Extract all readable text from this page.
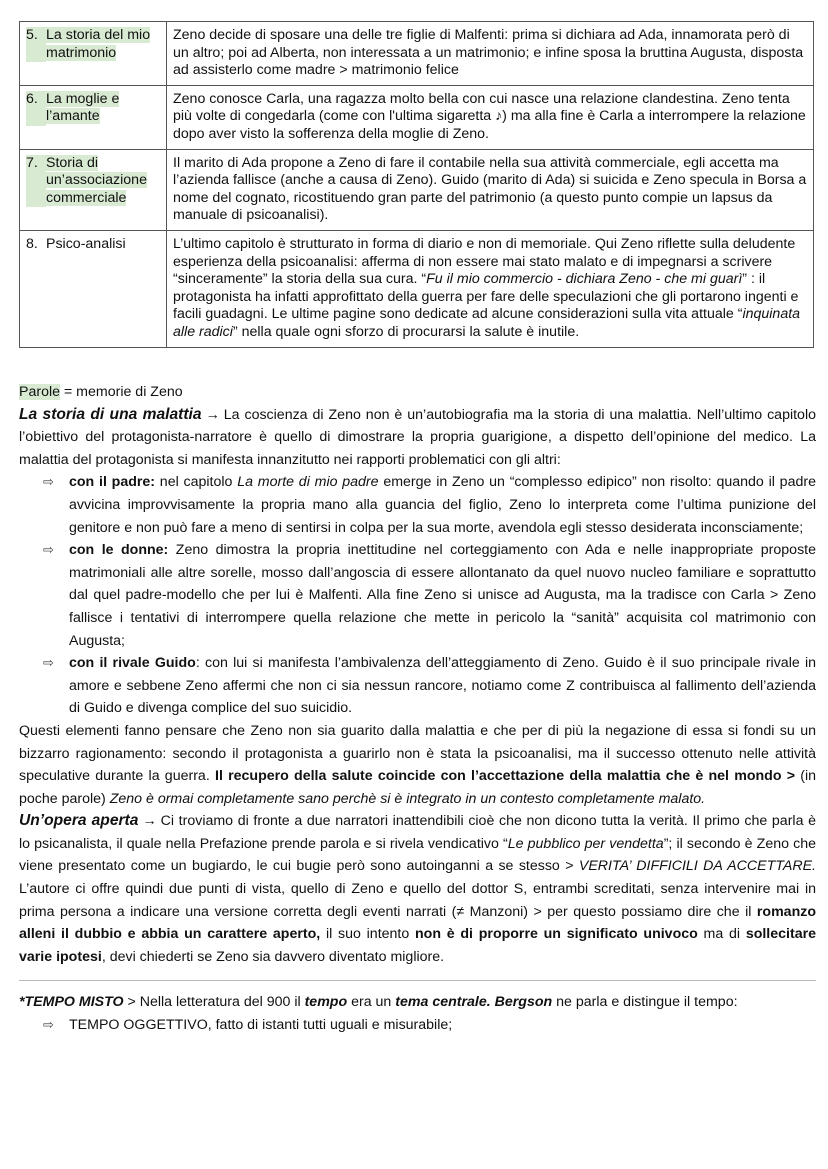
5. La storia del mio matrimonio	Zeno decide di sposare una delle tre figlie di Malfenti: prima si dichiara ad Ada, innamorata però di un altro; poi ad Alberta, non interessata a un matrimonio; e infine sposa la bruttina Augusta, disposta ad assisterlo come madre > matrimonio felice

6. La moglie e l’amante	Zeno conosce Carla, una ragazza molto bella con cui nasce una relazione clandestina. Zeno tenta più volte di congedarla (come con l'ultima sigaretta ♪) ma alla fine è Carla a interrompere la relazione dopo aver visto la sofferenza della moglie di Zeno.

7. Storia di un’associazione commerciale	Il marito di Ada propone a Zeno di fare il contabile nella sua attività commerciale, egli accetta ma l’azienda fallisce (anche a causa di Zeno). Guido (marito di Ada) si suicida e Zeno specula in Borsa a nome del cognato, ricostituendo gran parte del patrimonio (a questo punto compie un lapsus da manuale di psicoanalisi).

8. Psico-analisi	L’ultimo capitolo è strutturato in forma di diario e non di memoriale. Qui Zeno riflette sulla deludente esperienza della psicoanalisi: afferma di non essere mai stato malato e di impegnarsi a scrivere “sinceramente” la storia della sua cura. “Fu il mio commercio - dichiara Zeno - che mi guarì” : il protagonista ha infatti approfittato della guerra per fare delle speculazioni che gli portarono ingenti e facili guadagni. Le ultime pagine sono dedicate ad alcune considerazioni sulla vita attuale “inquinata alle radici” nella quale ogni sforzo di procurarsi la salute è inutile.

Parole = memorie di Zeno

La storia di una malattia → La coscienza di Zeno non è un’autobiografia ma la storia di una malattia. Nell’ultimo capitolo l’obiettivo del protagonista-narratore è quello di dimostrare la propria guarigione, a dispetto dell’opinione del medico. La malattia del protagonista si manifesta innanzitutto nei rapporti problematici con gli altri:

⇨ con il padre: nel capitolo La morte di mio padre emerge in Zeno un “complesso edipico” non risolto: quando il padre avvicina improvvisamente la propria mano alla guancia del figlio, Zeno lo interpreta come l’ultima punizione del genitore e non può fare a meno di sentirsi in colpa per la sua morte, avendola egli stesso desiderata inconsciamente;
⇨ con le donne: Zeno dimostra la propria inettitudine nel corteggiamento con Ada e nelle inappropriate proposte matrimoniali alle altre sorelle, mosso dall’angoscia di essere allontanato da quel nuovo nucleo familiare e soprattutto dal quel padre-modello che per lui è Malfenti. Alla fine Zeno si unisce ad Augusta, ma la tradisce con Carla > Zeno fallisce i tentativi di interrompere quella relazione che mette in pericolo la “sanità” acquisita col matrimonio con Augusta;
⇨ con il rivale Guido: con lui si manifesta l’ambivalenza dell’atteggiamento di Zeno. Guido è il suo principale rivale in amore e sebbene Zeno affermi che non ci sia nessun rancore, notiamo come Z contribuisca al fallimento dell’azienda di Guido e divenga complice del suo suicidio.

Questi elementi fanno pensare che Zeno non sia guarito dalla malattia e che per di più la negazione di essa si fondi su un bizzarro ragionamento: secondo il protagonista a guarirlo non è stata la psicoanalisi, ma il successo ottenuto nelle attività speculative durante la guerra. Il recupero della salute coincide con l’accettazione della malattia che è nel mondo > (in poche parole) Zeno è ormai completamente sano perchè si è integrato in un contesto completamente malato.

Un’opera aperta → Ci troviamo di fronte a due narratori inattendibili cioè che non dicono tutta la verità. Il primo che parla è lo psicanalista, il quale nella Prefazione prende parola e si rivela vendicativo “Le pubblico per vendetta”; il secondo è Zeno che viene presentato come un bugiardo, le cui bugie però sono autoinganni a se stesso > VERITA’ DIFFICILI DA ACCETTARE. L’autore ci offre quindi due punti di vista, quello di Zeno e quello del dottor S, entrambi screditati, senza intervenire mai in prima persona a indicare una versione corretta degli eventi narrati (≠ Manzoni) > per questo possiamo dire che il romanzo alleni il dubbio e abbia un carattere aperto, il suo intento non è di proporre un significato univoco ma di sollecitare varie ipotesi, devi chiederti se Zeno sia davvero diventato migliore.

*TEMPO MISTO > Nella letteratura del 900 il tempo era un tema centrale. Bergson ne parla e distingue il tempo:

⇨ TEMPO OGGETTIVO, fatto di istanti tutti uguali e misurabile;
